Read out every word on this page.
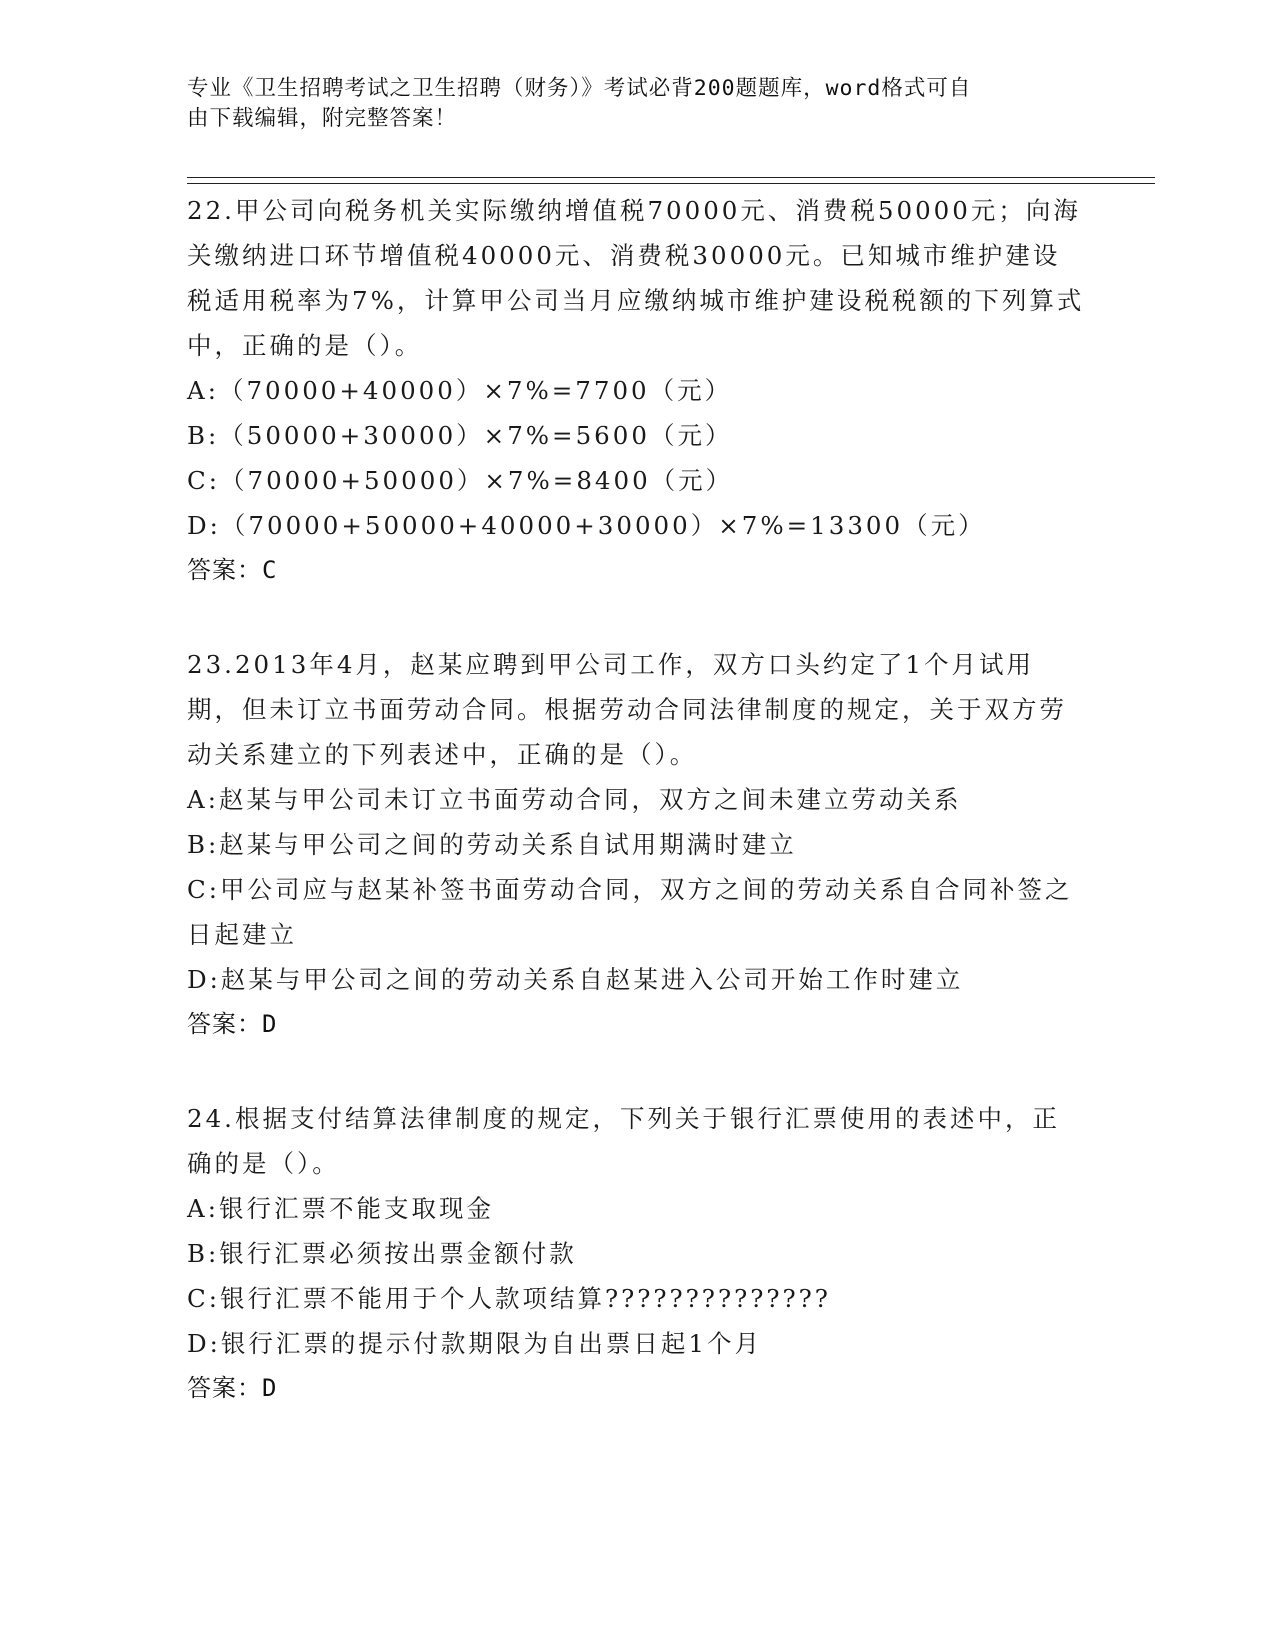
专业《卫生招聘考试之卫生招聘（财务）》考试必背200题题库，word格式可自
由下载编辑，附完整答案！

22.甲公司向税务机关实际缴纳增值税70000元、消费税50000元；向海关缴纳进口环节增值税40000元、消费税30000元。已知城市维护建设税适用税率为7%，计算甲公司当月应缴纳城市维护建设税税额的下列算式中，正确的是（）。

A:（70000+40000）×7%=7700（元）

B:（50000+30000）×7%=5600（元）

C:（70000+50000）×7%=8400（元）

D:（70000+50000+40000+30000）×7%=13300（元）

答案：C

23.2013年4月，赵某应聘到甲公司工作，双方口头约定了1个月试用期，但未订立书面劳动合同。根据劳动合同法律制度的规定，关于双方劳动关系建立的下列表述中，正确的是（）。

A:赵某与甲公司未订立书面劳动合同，双方之间未建立劳动关系

B:赵某与甲公司之间的劳动关系自试用期满时建立

C:甲公司应与赵某补签书面劳动合同，双方之间的劳动关系自合同补签之日起建立

D:赵某与甲公司之间的劳动关系自赵某进入公司开始工作时建立

答案：D

24.根据支付结算法律制度的规定，下列关于银行汇票使用的表述中，正确的是（）。

A:银行汇票不能支取现金

B:银行汇票必须按出票金额付款

C:银行汇票不能用于个人款项结算??????????????

D:银行汇票的提示付款期限为自出票日起1个月

答案：D
